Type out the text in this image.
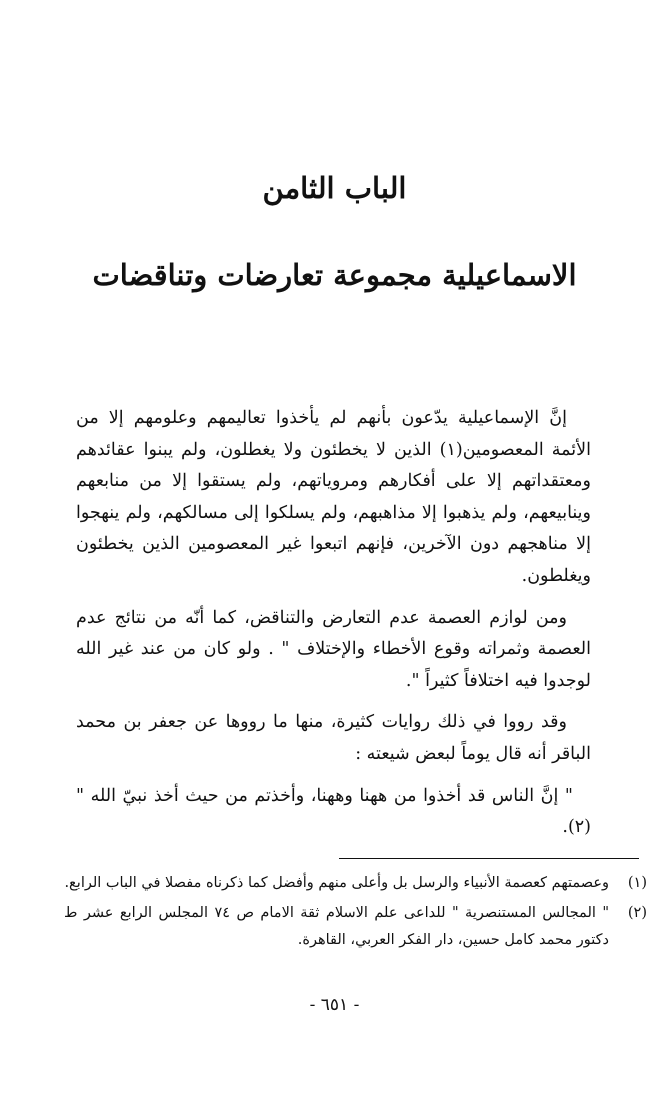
الباب الثامن
الاسماعيلية مجموعة تعارضات وتناقضات

إنَّ الإسماعيلية يدّعون بأنهم لم يأخذوا تعاليمهم وعلومهم إلا من الأئمة المعصومين(١) الذين لا يخطئون ولا يغطلون، ولم يبنوا عقائدهم ومعتقداتهم إلا على أفكارهم ومروياتهم، ولم يستقوا إلا من منابعهم وينابيعهم، ولم يذهبوا إلا مذاهبهم، ولم يسلكوا إلى مسالكهم، ولم ينهجوا إلا مناهجهم دون الآخرين، فإنهم اتبعوا غير المعصومين الذين يخطئون ويغلطون.

ومن لوازم العصمة عدم التعارض والتناقض، كما أنّه من نتائج عدم العصمة وثمراته وقوع الأخطاء والإختلاف " . ولو كان من عند غير الله لوجدوا فيه اختلافاً كثيراً ".

وقد رووا في ذلك روايات كثيرة، منها ما رووها عن جعفر بن محمد الباقر أنه قال يوماً لبعض شيعته :

" إنَّ الناس قد أخذوا من ههنا وههنا، وأخذتم من حيث أخذ نبيّ الله "(٢).

(١)
وعصمتهم كعصمة الأنبياء والرسل بل وأعلى منهم وأفضل كما ذكرناه مفصلا في الباب الرابع.
(٢)
" المجالس المستنصرية " للداعى علم الاسلام ثقة الامام ص ٧٤ المجلس الرابع عشر ط دكتور محمد كامل حسين، دار الفكر العربي، القاهرة.
- ٦٥١ -
